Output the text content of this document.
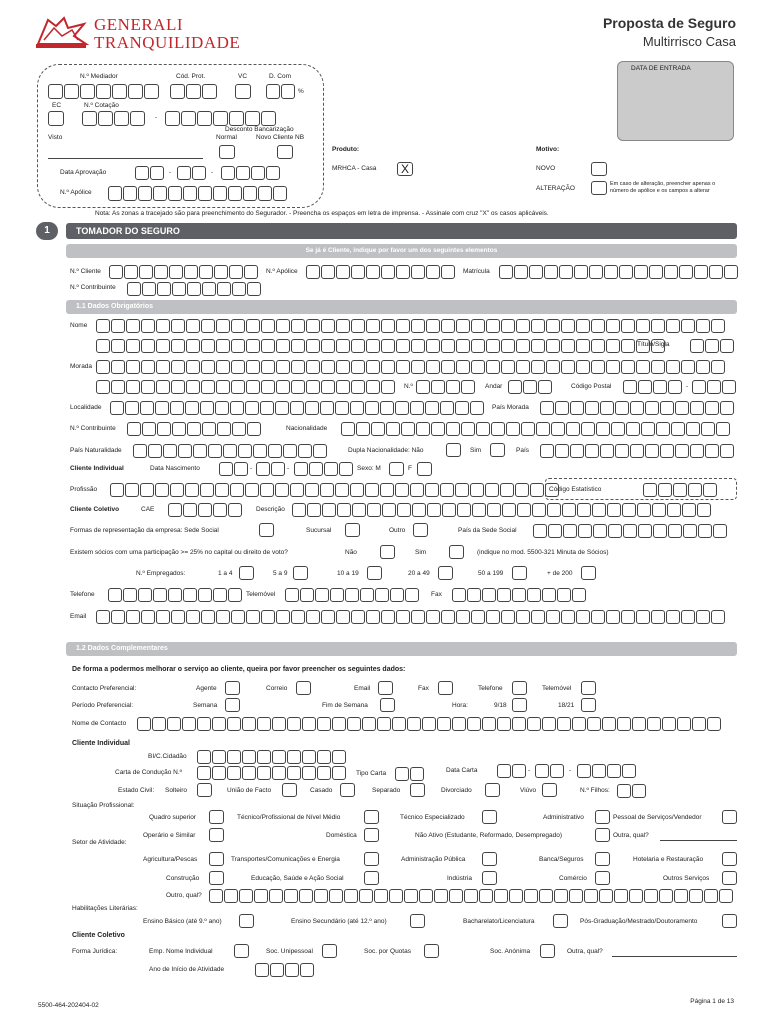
GENERALI
TRANQUILIDADE
Proposta de Seguro
Multirrisco Casa
N.º Mediador	Cód. Prot.	VC	D. Com
%
EC	N.º Cotação
-
Desconto Bancarização
Visto	Normal	Novo Cliente NB
Data Aprovação	-	-
N.º Apólice
Produto:
MRHCA - Casa	X
Motivo:
NOVO
ALTERAÇÃO
Em caso de alteração, preencher apenas o
número de apólice e os campos a alterar
DATA DE ENTRADA
Nota: As zonas a tracejado são para preenchimento do Segurador. - Preencha os espaços em letra de imprensa. - Assinale com cruz "X" os casos aplicáveis.
1	TOMADOR DO SEGURO
Se já é Cliente, indique por favor um dos seguintes elementos
N.º Cliente	N.º Apólice	Matrícula
N.º Contribuinte
1.1 Dados Obrigatórios
Nome
Título/Sigla
Morada
N.º	Andar	Código Postal	-
Localidade	País Morada
N.º Contribuinte	Nacionalidade
País Naturalidade	Dupla Nacionalidade: Não	Sim	País
Cliente Individual	Data Nascimento	-	-	Sexo: M	F
Profissão	Código Estatístico
Cliente Coletivo	CAE	Descrição
Formas de representação da empresa: Sede Social	Sucursal	Outro	País da Sede Social
Existem sócios com uma participação >= 25% no capital ou direito de voto?	Não	Sim	(indique no mod. 5500-321 Minuta de Sócios)
N.º Empregados:	1 a 4	5 a 9	10 a 19	20 a 49	50 a 199	+ de 200
Telefone	Telemóvel	Fax
Email
1.2 Dados Complementares
De forma a podermos melhorar o serviço ao cliente, queira por favor preencher os seguintes dados:
Contacto Preferencial:	Agente	Correio	Email	Fax	Telefone	Telemóvel
Período Preferencial:	Semana	Fim de Semana	Hora:	9/18	18/21
Nome de Contacto
Cliente Individual
BI/C.Cidadão
Carta de Condução N.º	Tipo Carta	Data Carta	-	-
Estado Civil: Solteiro	União de Facto	Casado	Separado	Divorciado	Viúvo	N.º Filhos:
Situação Profissional:
Quadro superior	Técnico/Profissional de Nível Médio	Técnico Especializado	Administrativo	Pessoal de Serviços/Vendedor
Operário e Similar	Doméstica	Não Ativo (Estudante, Reformado, Desempregado)	Outra, qual?
Setor de Atividade:
Agricultura/Pescas	Transportes/Comunicações e Energia	Administração Pública	Banca/Seguros	Hotelaria e Restauração
Construção	Educação, Saúde e Ação Social	Indústria	Comércio	Outros Serviços
Outro, qual?
Habilitações Literárias:
Ensino Básico (até 9.º ano)	Ensino Secundário (até 12.º ano)	Bacharelato/Licenciatura	Pós-Graduação/Mestrado/Doutoramento
Cliente Coletivo
Forma Jurídica:	Emp. Nome Individual	Soc. Unipessoal	Soc. por Quotas	Soc. Anónima	Outra, qual?
Ano de Início de Atividade
5500-464-202404-02
Página 1 de 13
